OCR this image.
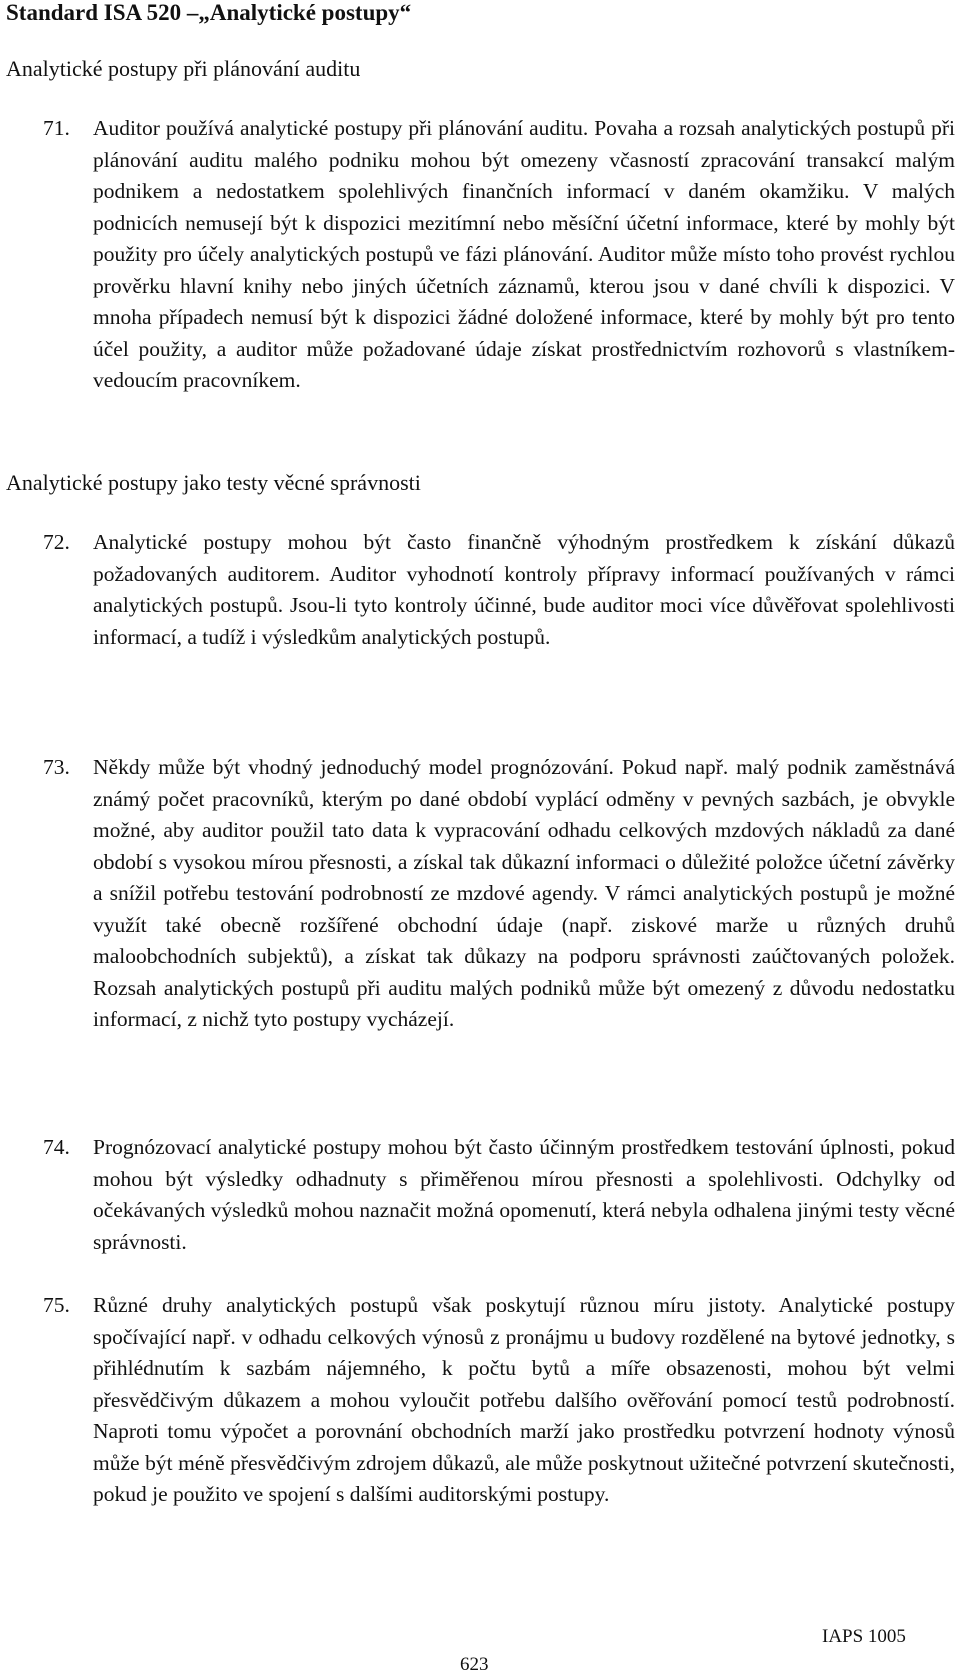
Standard ISA 520 –„Analytické postupy“
Analytické postupy při plánování auditu
71. Auditor používá analytické postupy při plánování auditu. Povaha a rozsah analytických postupů při plánování auditu malého podniku mohou být omezeny včasností zpracování transakcí malým podnikem a nedostatkem spolehlivých finančních informací v daném okamžiku. V malých podnicích nemusejí být k dispozici mezitímní nebo měsíční účetní informace, které by mohly být použity pro účely analytických postupů ve fázi plánování. Auditor může místo toho provést rychlou prověrku hlavní knihy nebo jiných účetních záznamů, kterou jsou v dané chvíli k dispozici. V mnoha případech nemusí být k dispozici žádné doložené informace, které by mohly být pro tento účel použity, a auditor může požadované údaje získat prostřednictvím rozhovorů s vlastníkem-vedoucím pracovníkem.
Analytické postupy jako testy věcné správnosti
72. Analytické postupy mohou být často finančně výhodným prostředkem k získání důkazů požadovaných auditorem. Auditor vyhodnotí kontroly přípravy informací používaných v rámci analytických postupů. Jsou-li tyto kontroly účinné, bude auditor moci více důvěřovat spolehlivosti informací, a tudíž i výsledkům analytických postupů.
73. Někdy může být vhodný jednoduchý model prognózování. Pokud např. malý podnik zaměstnává známý počet pracovníků, kterým po dané období vyplácí odměny v pevných sazbách, je obvykle možné, aby auditor použil tato data k vypracování odhadu celkových mzdových nákladů za dané období s vysokou mírou přesnosti, a získal tak důkazní informaci o důležité položce účetní závěrky a snížil potřebu testování podrobností ze mzdové agendy. V rámci analytických postupů je možné využít také obecně rozšířené obchodní údaje (např. ziskové marže u různých druhů maloobchodních subjektů), a získat tak důkazy na podporu správnosti zaúčtovaných položek. Rozsah analytických postupů při auditu malých podniků může být omezený z důvodu nedostatku informací, z nichž tyto postupy vycházejí.
74. Prognózovací analytické postupy mohou být často účinným prostředkem testování úplnosti, pokud mohou být výsledky odhadnuty s přiměřenou mírou přesnosti a spolehlivosti. Odchylky od očekávaných výsledků mohou naznačit možná opomenutí, která nebyla odhalena jinými testy věcné správnosti.
75. Různé druhy analytických postupů však poskytují různou míru jistoty. Analytické postupy spočívající např. v odhadu celkových výnosů z pronájmu u budovy rozdělené na bytové jednotky, s přihlédnutím k sazbám nájemného, k počtu bytů a míře obsazenosti, mohou být velmi přesvědčivým důkazem a mohou vyloučit potřebu dalšího ověřování pomocí testů podrobností. Naproti tomu výpočet a porovnání obchodních marží jako prostředku potvrzení hodnoty výnosů může být méně přesvědčivým zdrojem důkazů, ale může poskytnout užitečné potvrzení skutečnosti, pokud je použito ve spojení s dalšími auditorskými postupy.
IAPS 1005
623
